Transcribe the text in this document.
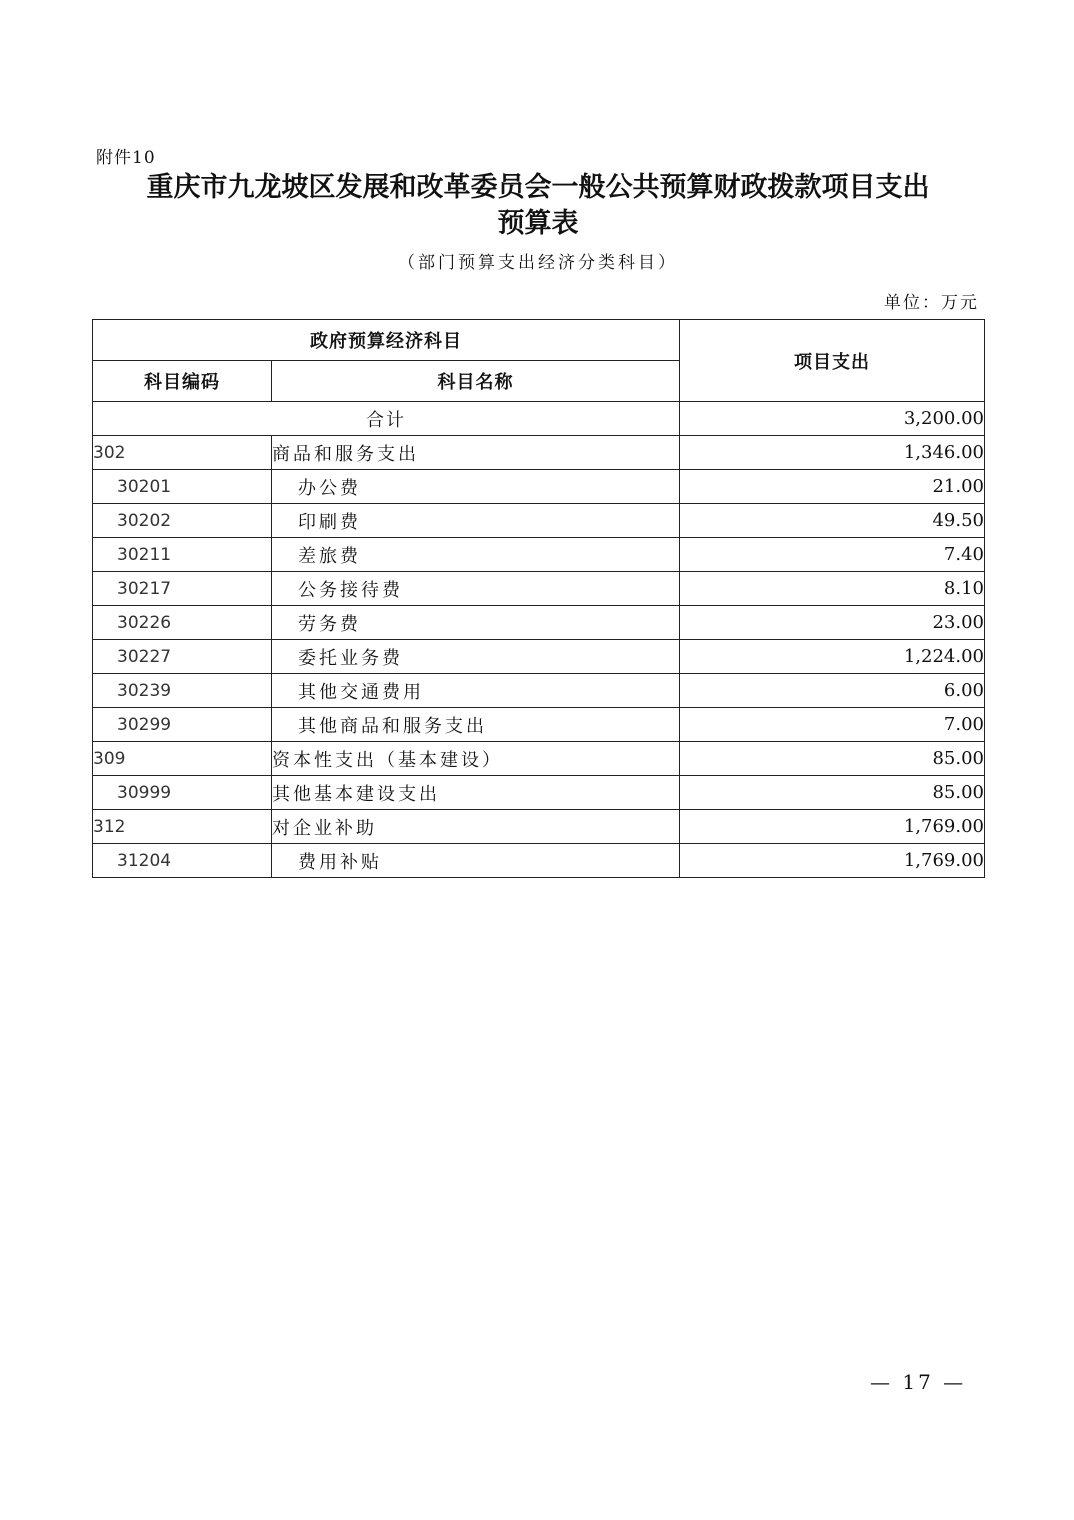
附件10
重庆市九龙坡区发展和改革委员会一般公共预算财政拨款项目支出
预算表
（部门预算支出经济分类科目）
单位：万元
政府预算经济科目		项目支出
科目编码	科目名称	
合计		3,200.00
302	商品和服务支出	1,346.00
30201	办公费	21.00
30202	印刷费	49.50
30211	差旅费	7.40
30217	公务接待费	8.10
30226	劳务费	23.00
30227	委托业务费	1,224.00
30239	其他交通费用	6.00
30299	其他商品和服务支出	7.00
309	资本性支出（基本建设）	85.00
30999	其他基本建设支出	85.00
312	对企业补助	1,769.00
31204	费用补贴	1,769.00
— 17 —
